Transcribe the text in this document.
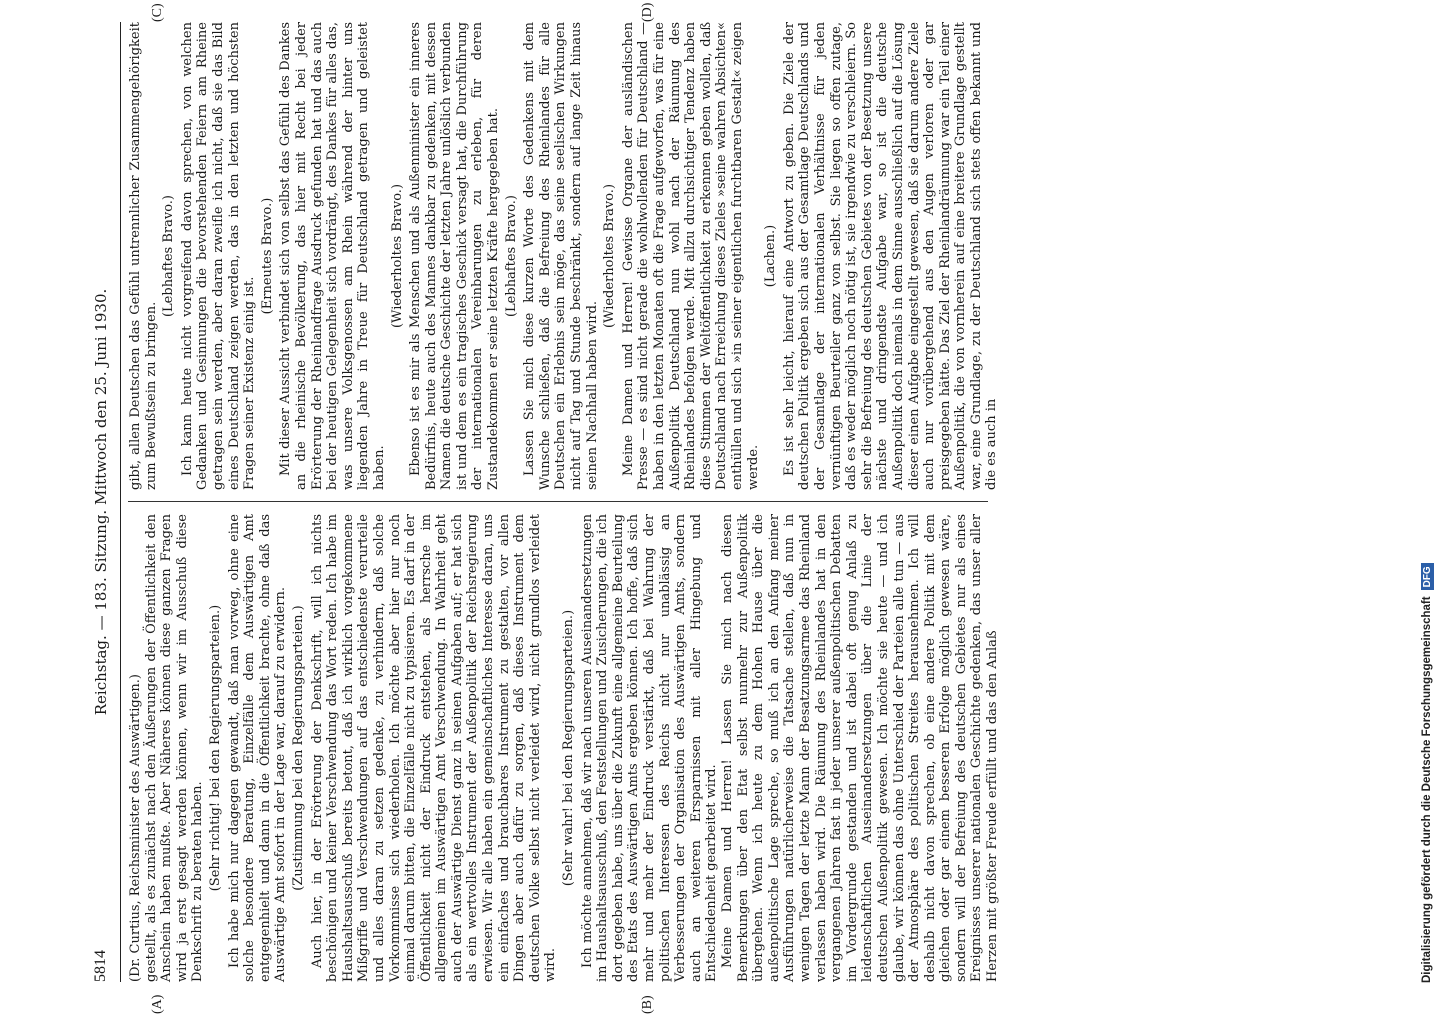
5814
Reichstag. — 183. Sitzung. Mittwoch den 25. Juni 1930.

(Dr. Curtius, Reichsminister des Auswärtigen.) gestellt, als es zunächst nach den Äußerungen der Öffentlichkeit den Anschein haben mußte. Aber Näheres können diese ganzen Fragen wird ja erst gesagt werden können, wenn wir im Ausschuß diese Denkschrift zu beraten haben. (Sehr richtig! bei den Regierungsparteien.) Ich habe mich nur dagegen gewandt, daß man vorweg, ohne eine solche besondere Beratung, Einzelfälle dem Auswärtigen Amt entgegenhielt und dann in die Öffentlichkeit brachte, ohne daß das Auswärtige Amt sofort in der Lage war, darauf zu erwidern. (Zustimmung bei den Regierungsparteien.) Auch hier, in der Erörterung der Denkschrift, will ich nichts beschönigen und keiner Verschwendung das Wort reden. Ich habe im Haushaltsausschuß bereits betont, daß ich wirklich vorgekommene Mißgriffe und Verschwendungen auf das entschiedenste verurteile und alles daran zu setzen gedenke, zu verhindern, daß solche Vorkommnisse sich wiederholen. Ich möchte aber hier nur noch einmal darum bitten, die Einzelfälle nicht zu typisieren. Es darf in der Öffentlichkeit nicht der Eindruck entstehen, als herrsche im allgemeinen im Auswärtigen Amt Verschwendung. In Wahrheit geht auch der Auswärtige Dienst ganz in seinen Aufgaben auf; er hat sich als ein wertvolles Instrument der Außenpolitik der Reichsregierung erwiesen. Wir alle haben ein gemeinschaftliches Interesse daran, uns ein einfaches und brauchbares Instrument zu gestalten, vor allen Dingen aber auch dafür zu sorgen, daß dieses Instrument dem deutschen Volke selbst nicht verleidet wird, nicht grundlos verleidet wird.

(Sehr wahr! bei den Regierungsparteien.) Ich möchte annehmen, daß wir nach unseren Auseinandersetzungen im Haushaltsausschuß, den Feststellungen und Zusicherungen, die ich dort gegeben habe, uns über die Zukunft eine allgemeine Beurteilung des Etats des Auswärtigen Amts ergeben können. Ich hoffe, daß sich mehr und mehr der Eindruck verstärkt, daß bei Wahrung der politischen Interessen des Reichs nicht nur unablässig an Verbesserungen der Organisation des Auswärtigen Amts, sondern auch an weiteren Ersparnissen mit aller Hingebung und Entschiedenheit gearbeitet wird. Meine Damen und Herren! Lassen Sie mich nach diesen Bemerkungen über den Etat selbst nunmehr zur Außenpolitik übergehen. Wenn ich heute zu dem Hohen Hause über die außenpolitische Lage spreche, so muß ich an den Anfang meiner Ausführungen natürlicherweise die Tatsache stellen, daß nun in wenigen Tagen der letzte Mann der Besatzungsarmee das Rheinland verlassen haben wird. Die Räumung des Rheinlandes hat in den vergangenen Jahren fast in jeder unserer außenpolitischen Debatten im Vordergrunde gestanden und ist dabei oft genug Anlaß zu leidenschaftlichen Auseinandersetzungen über die Linie der deutschen Außenpolitik gewesen. Ich möchte sie heute — und ich glaube, wir können das ohne Unterschied der Parteien alle tun — aus der Atmosphäre des politischen Streites herausnehmen. Ich will deshalb nicht davon sprechen, ob eine andere Politik mit dem gleichen oder gar einem besseren Erfolge möglich gewesen wäre, sondern will der Befreiung des deutschen Gebietes nur als eines Ereignisses unserer nationalen Geschichte gedenken, das unser aller Herzen mit größter Freude erfüllt und das den Anlaß

gibt, allen Deutschen das Gefühl untrennlicher Zusammengehörigkeit zum Bewußtsein zu bringen.

(Lebhaftes Bravo.) Ich kann heute nicht vorgreifend davon sprechen, von welchen Gedanken und Gesinnungen die bevorstehenden Feiern am Rheine getragen sein werden, aber daran zweifle ich nicht, daß sie das Bild eines Deutschland zeigen werden, das in den letzten und höchsten Fragen seiner Existenz einig ist.

(Erneutes Bravo.) Mit dieser Aussicht verbindet sich von selbst das Gefühl des Dankes an die rheinische Bevölkerung, das hier mit Recht bei jeder Erörterung der Rheinlandfrage Ausdruck gefunden hat und das auch bei der heutigen Gelegenheit sich vordrängt, des Dankes für alles das, was unsere Volksgenossen am Rhein während der hinter uns liegenden Jahre in Treue für Deutschland getragen und geleistet haben.

(Wiederholtes Bravo.) Ebenso ist es mir als Menschen und als Außenminister ein inneres Bedürfnis, heute auch des Mannes dankbar zu gedenken, mit dessen Namen die deutsche Geschichte der letzten Jahre unlöslich verbunden ist und dem es ein tragisches Geschick versagt hat, die Durchführung der internationalen Vereinbarungen zu erleben, für deren Zustandekommen er seine letzten Kräfte hergegeben hat. (Lebhaftes Bravo.) Lassen Sie mich diese kurzen Worte des Gedenkens mit dem Wunsche schließen, daß die Befreiung des Rheinlandes für alle Deutschen ein Erlebnis sein möge, das seine seelischen Wirkungen nicht auf Tag und Stunde beschränkt, sondern auf lange Zeit hinaus seinen Nachhall haben wird.

(Wiederholtes Bravo.) Meine Damen und Herren! Gewisse Organe der ausländischen Presse — es sind nicht gerade die wohlwollenden für Deutschland — haben in den letzten Monaten oft die Frage aufgeworfen, was für eine Außenpolitik Deutschland nun wohl nach der Räumung des Rheinlandes befolgen werde. Mit allzu durchsichtiger Tendenz haben diese Stimmen der Weltöffentlichkeit zu erkennen geben wollen, daß Deutschland nach Erreichung dieses Zieles »seine wahren Absichten« enthüllen und sich »in seiner eigentlichen furchtbaren Gestalt« zeigen werde.

(Lachen.) Es ist sehr leicht, hierauf eine Antwort zu geben. Die Ziele der deutschen Politik ergeben sich aus der Gesamtlage Deutschlands und der Gesamtlage der internationalen Verhältnisse für jeden vernünftigen Beurteiler ganz von selbst. Sie liegen so offen zutage, daß es weder möglich noch nötig ist, sie irgendwie zu verschleiern. So sehr die Befreiung des deutschen Gebietes von der Besetzung unsere nächste und dringendste Aufgabe war, so ist die deutsche Außenpolitik doch niemals in dem Sinne ausschließlich auf die Lösung dieser einen Aufgabe eingestellt gewesen, daß sie darum andere Ziele auch nur vorübergehend aus den Augen verloren oder gar preisgegeben hätte. Das Ziel der Rheinlandräumung war ein Teil einer Außenpolitik, die von vornherein auf eine breitere Grundlage gestellt war, eine Grundlage, zu der Deutschland sich stets offen bekannt und die es auch in

(A)	(B)
(C)	(D)
Digitalisierung gefördert durch die Deutsche Forschungsgemeinschaft
DFG
